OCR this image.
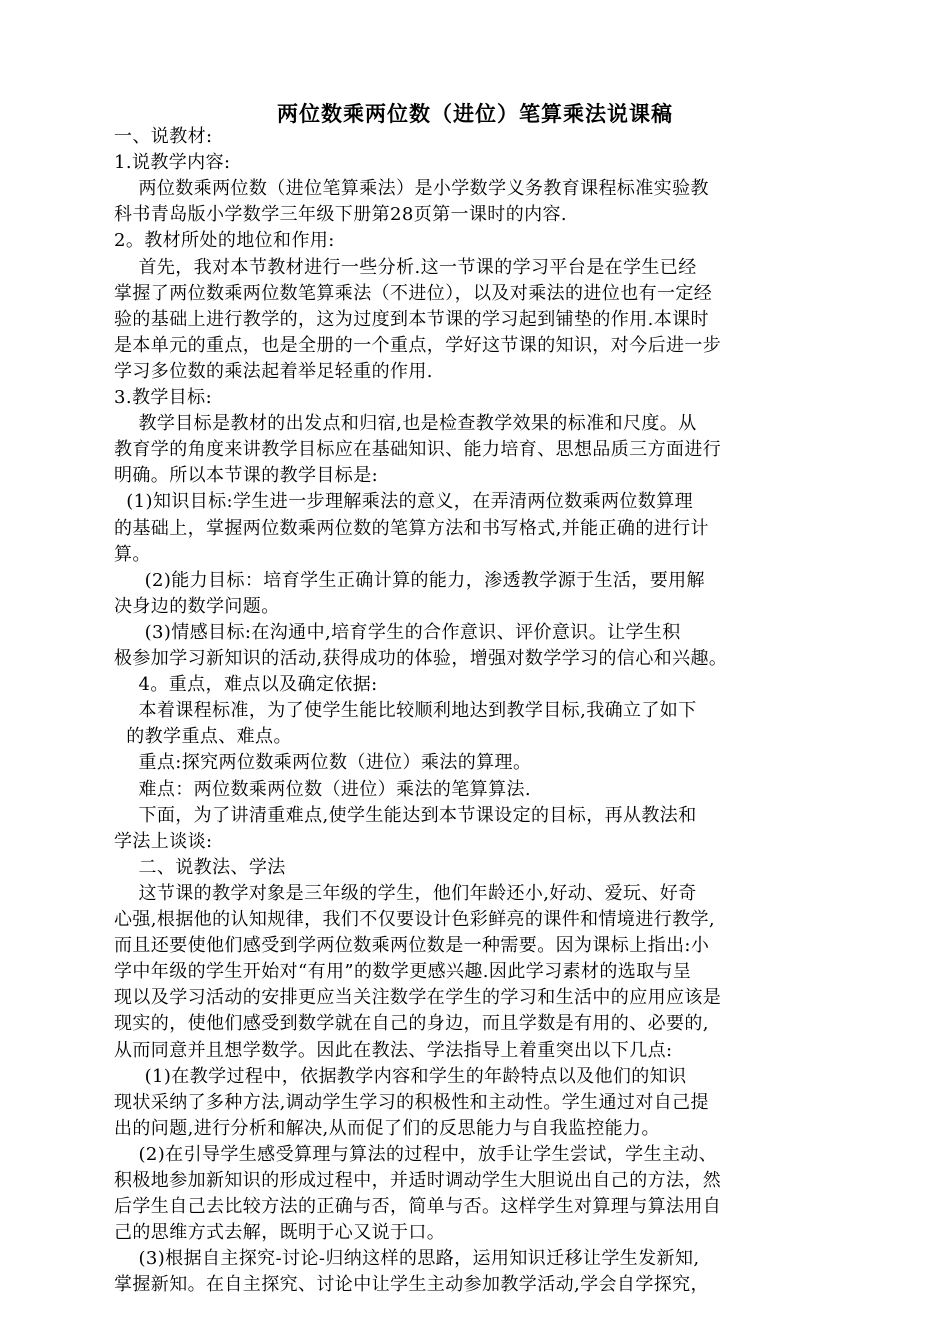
两位数乘两位数（进位）笔算乘法说课稿
一、说教材:
1.说教学内容:
两位数乘两位数（进位笔算乘法）是小学数学义务教育课程标准实验教
科书青岛版小学数学三年级下册第28页第一课时的内容.
2。教材所处的地位和作用:
首先，我对本节教材进行一些分析.这一节课的学习平台是在学生已经
掌握了两位数乘两位数笔算乘法（不进位），以及对乘法的进位也有一定经
验的基础上进行教学的，这为过度到本节课的学习起到铺垫的作用.本课时
是本单元的重点，也是全册的一个重点，学好这节课的知识，对今后进一步
学习多位数的乘法起着举足轻重的作用.
3.教学目标:
教学目标是教材的出发点和归宿,也是检查教学效果的标准和尺度。从
教育学的角度来讲教学目标应在基础知识、能力培育、思想品质三方面进行
明确。所以本节课的教学目标是:
(1)知识目标:学生进一步理解乘法的意义，在弄清两位数乘两位数算理
的基础上，掌握两位数乘两位数的笔算方法和书写格式,并能正确的进行计
算。
(2)能力目标：培育学生正确计算的能力，渗透教学源于生活，要用解
决身边的数学问题。
(3)情感目标:在沟通中,培育学生的合作意识、评价意识。让学生积
极参加学习新知识的活动,获得成功的体验，增强对数学学习的信心和兴趣。
4。重点，难点以及确定依据:
本着课程标准，为了使学生能比较顺利地达到教学目标,我确立了如下
的教学重点、难点。
重点:探究两位数乘两位数（进位）乘法的算理。
难点：两位数乘两位数（进位）乘法的笔算算法.
下面，为了讲清重难点,使学生能达到本节课设定的目标，再从教法和
学法上谈谈:
二、说教法、学法
这节课的教学对象是三年级的学生，他们年龄还小,好动、爱玩、好奇
心强,根据他的认知规律，我们不仅要设计色彩鲜亮的课件和情境进行教学,
而且还要使他们感受到学两位数乘两位数是一种需要。因为课标上指出:小
学中年级的学生开始对“有用”的数学更感兴趣.因此学习素材的选取与呈
现以及学习活动的安排更应当关注数学在学生的学习和生活中的应用应该是
现实的，使他们感受到数学就在自己的身边，而且学数是有用的、必要的,
从而同意并且想学数学。因此在教法、学法指导上着重突出以下几点:
(1)在教学过程中，依据教学内容和学生的年龄特点以及他们的知识
现状采纳了多种方法,调动学生学习的积极性和主动性。学生通过对自己提
出的问题,进行分析和解决,从而促了们的反思能力与自我监控能力。
(2)在引导学生感受算理与算法的过程中，放手让学生尝试，学生主动、
积极地参加新知识的形成过程中，并适时调动学生大胆说出自己的方法，然
后学生自己去比较方法的正确与否，简单与否。这样学生对算理与算法用自
己的思维方式去解，既明于心又说于口。
(3)根据自主探究-讨论-归纳这样的思路，运用知识迁移让学生发新知,
掌握新知。在自主探究、讨论中让学生主动参加教学活动,学会自学探究，
